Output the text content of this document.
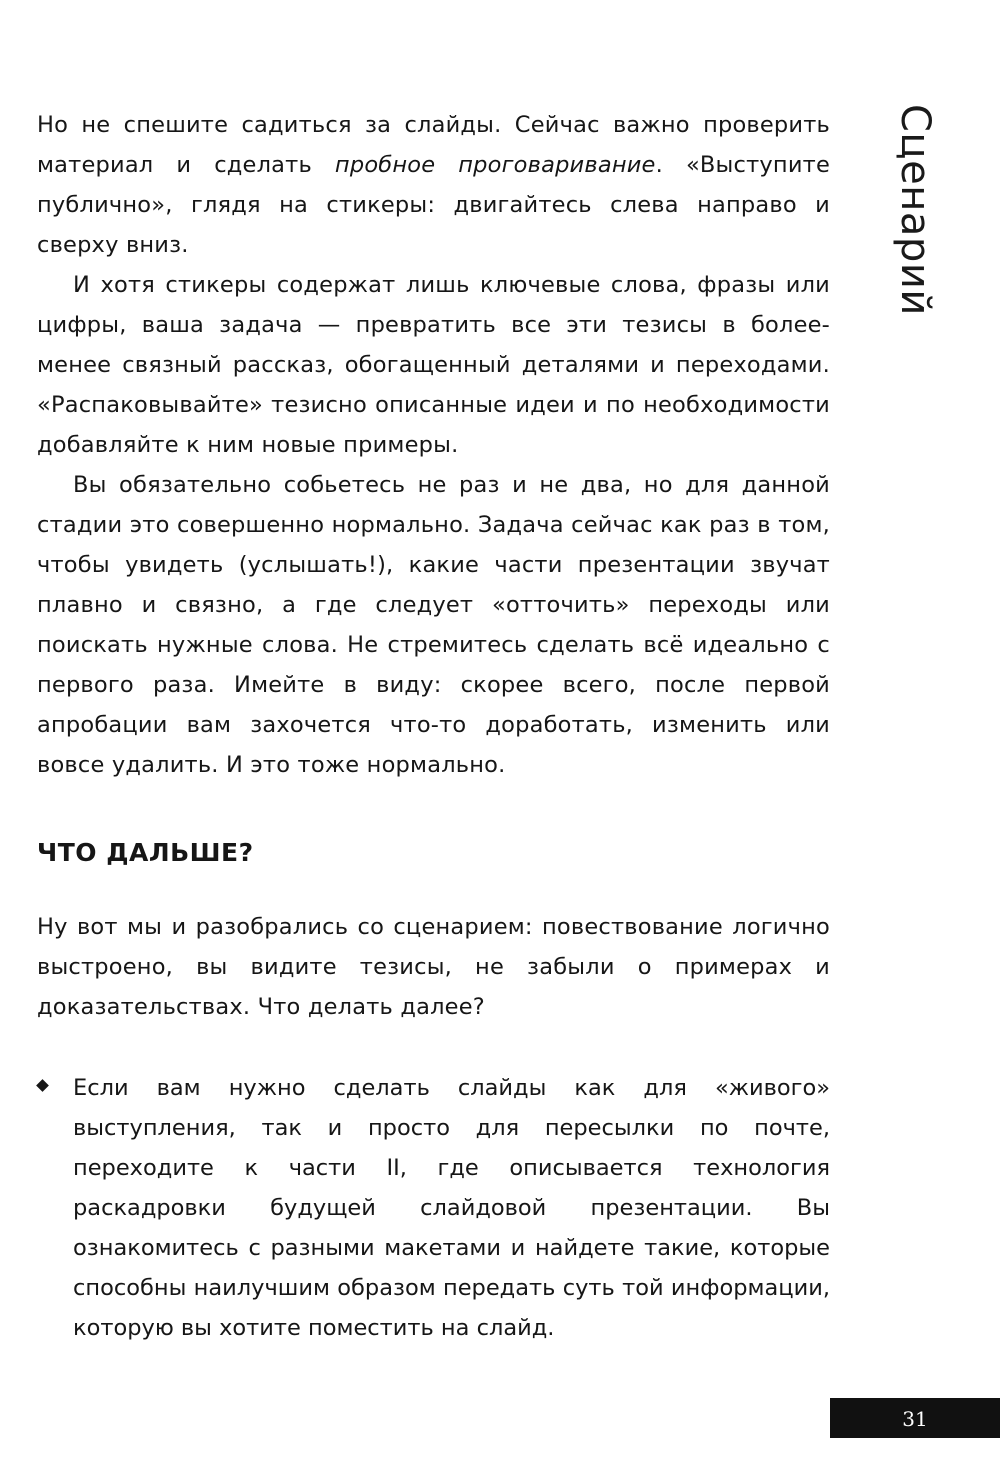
Но не спешите садиться за слайды. Сейчас важно проверить материал и сделать пробное проговаривание. «Выступите публично», глядя на стикеры: двигайтесь слева направо и сверху вниз.

И хотя стикеры содержат лишь ключевые слова, фразы или цифры, ваша задача — превратить все эти тезисы в более-менее связный рассказ, обогащенный деталями и переходами. «Распаковывайте» тезисно описанные идеи и по необходимости добавляйте к ним новые примеры.

Вы обязательно собьетесь не раз и не два, но для данной стадии это совершенно нормально. Задача сейчас как раз в том, чтобы увидеть (услышать!), какие части презентации звучат плавно и связно, а где следует «отточить» переходы или поискать нужные слова. Не стремитесь сделать всё идеально с первого раза. Имейте в виду: скорее всего, после первой апробации вам захочется что-то доработать, изменить или вовсе удалить. И это тоже нормально.

ЧТО ДАЛЬШЕ?

Ну вот мы и разобрались со сценарием: повествование логично выстроено, вы видите тезисы, не забыли о примерах и доказательствах. Что делать далее?

Если вам нужно сделать слайды как для «живого» выступления, так и просто для пересылки по почте, переходите к части II, где описывается технология раскадровки будущей слайдовой презентации. Вы ознакомитесь с разными макетами и найдете такие, которые способны наилучшим образом передать суть той информации, которую вы хотите поместить на слайд.
Сценарий
31
